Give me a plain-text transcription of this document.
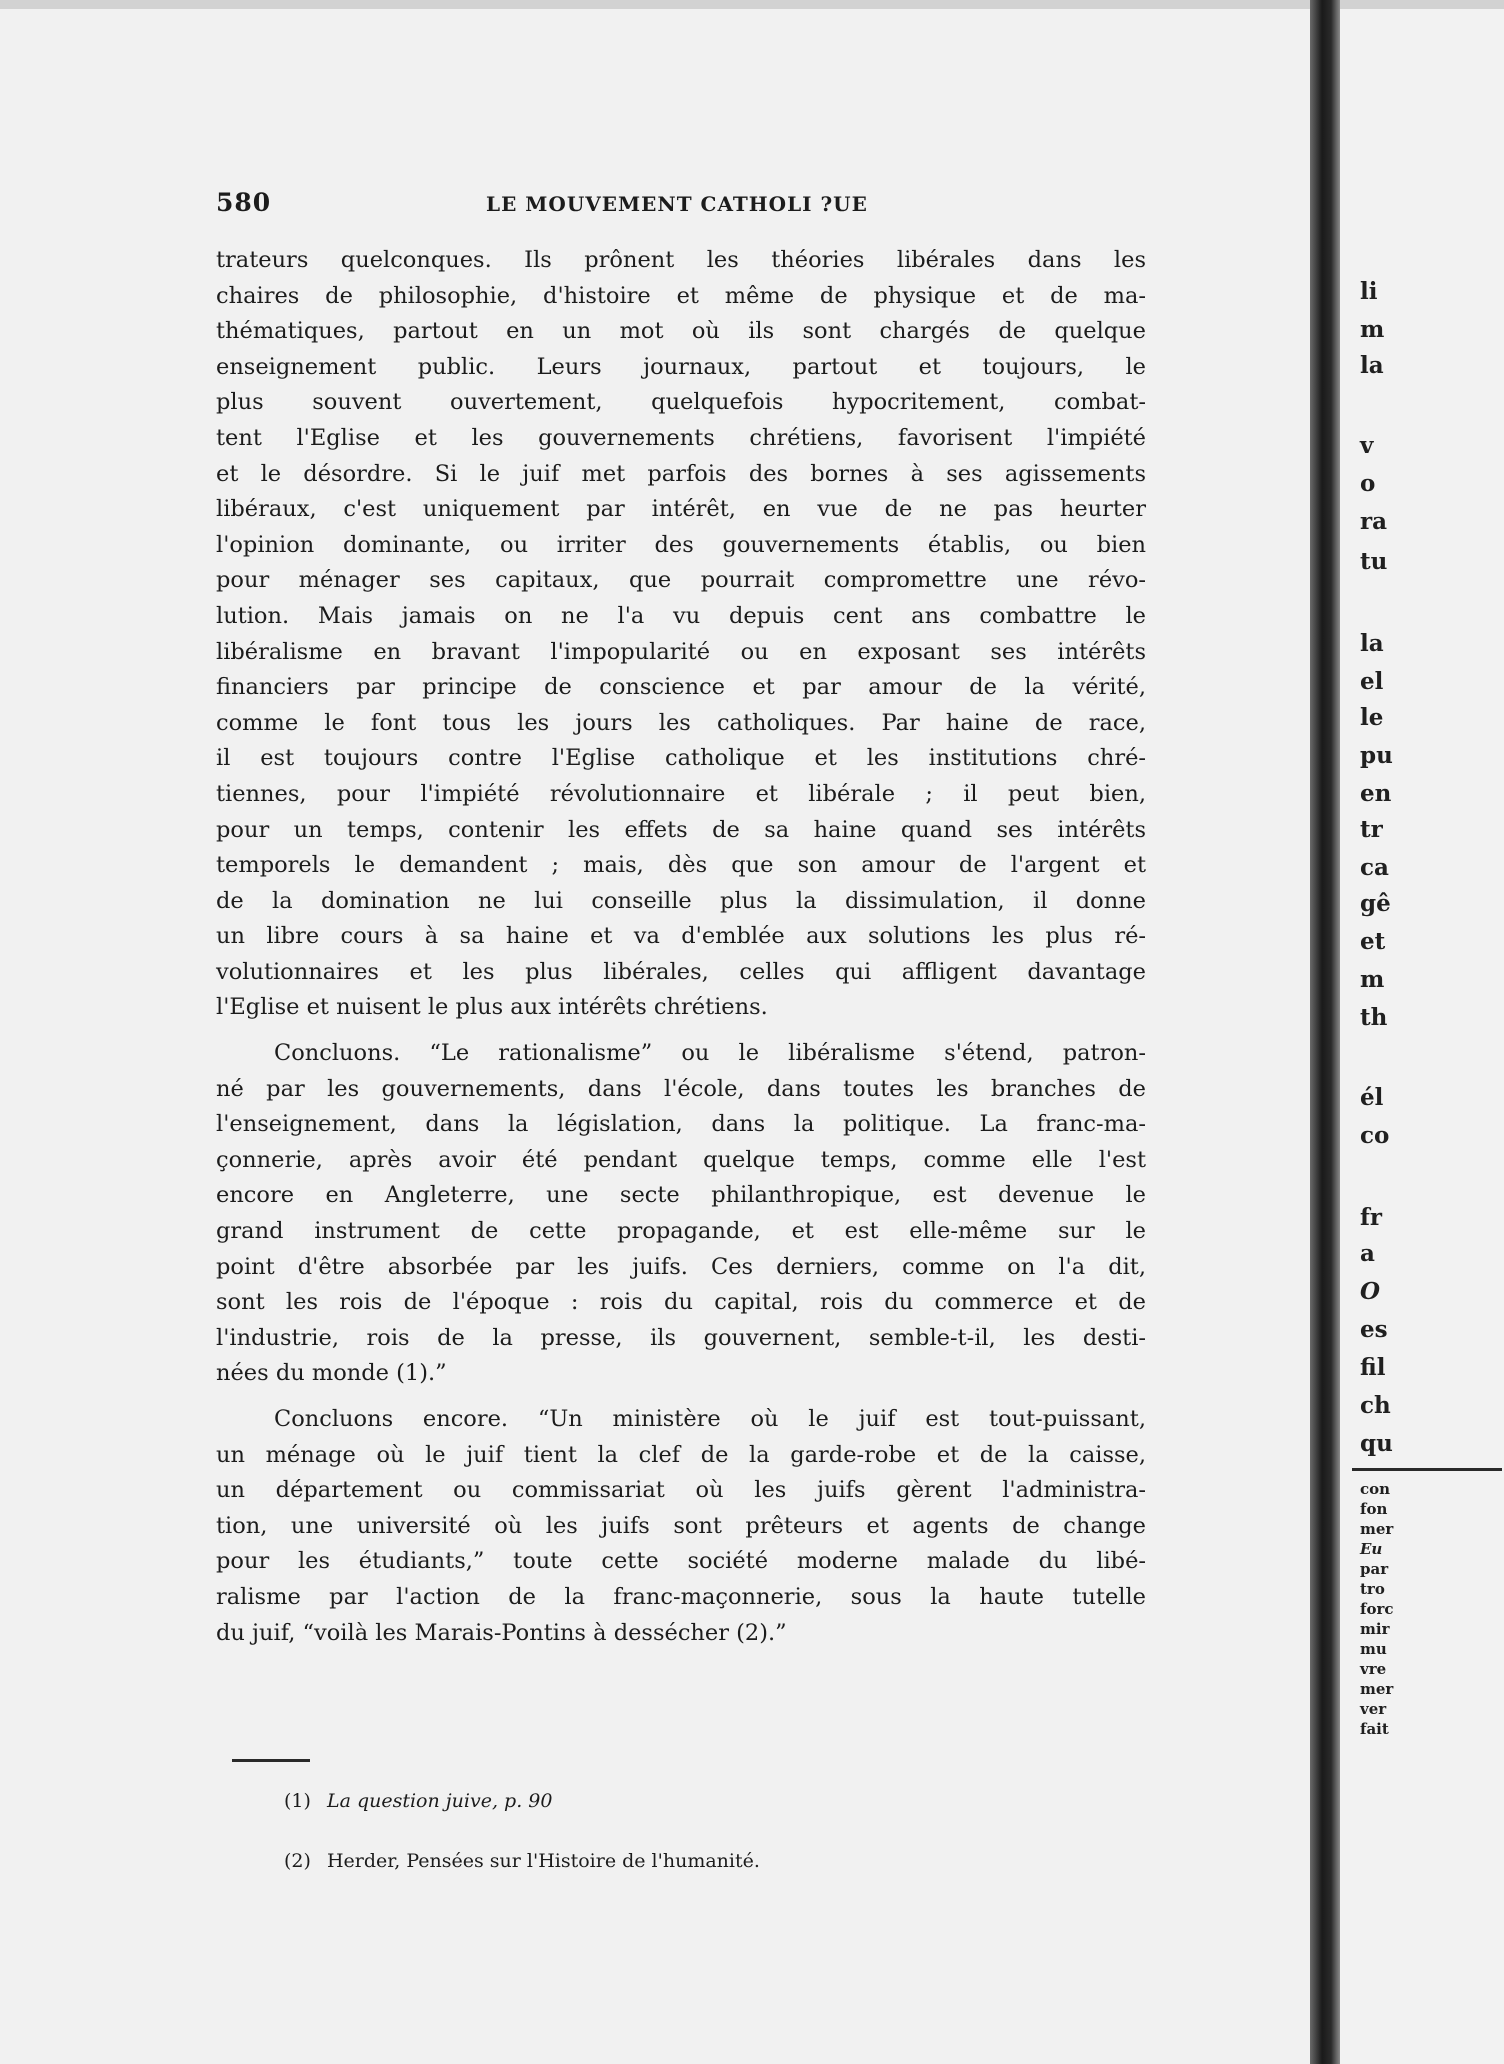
li
m
la
v
o
ra
tu
la
el
le
pu
en
tr
ca
gê
et
m
th
él
co
fr
a
O
es
fil
ch
qu
con
fon
mer
Eu
par
tro
forc
mir
mu
vre
mer
ver
fait
580	LE MOUVEMENT CATHOLI ?UE
trateurs quelconques. Ils prônent les théories libérales dans les
chaires de philosophie, d'histoire et même de physique et de ma-
thématiques, partout en un mot où ils sont chargés de quelque
enseignement public. Leurs journaux, partout et toujours, le
plus souvent ouvertement, quelquefois hypocritement, combat-
tent l'Eglise et les gouvernements chrétiens, favorisent l'impiété
et le désordre. Si le juif met parfois des bornes à ses agissements
libéraux, c'est uniquement par intérêt, en vue de ne pas heurter
l'opinion dominante, ou irriter des gouvernements établis, ou bien
pour ménager ses capitaux, que pourrait compromettre une révo-
lution. Mais jamais on ne l'a vu depuis cent ans combattre le
libéralisme en bravant l'impopularité ou en exposant ses intérêts
financiers par principe de conscience et par amour de la vérité,
comme le font tous les jours les catholiques. Par haine de race,
il est toujours contre l'Eglise catholique et les institutions chré-
tiennes, pour l'impiété révolutionnaire et libérale ; il peut bien,
pour un temps, contenir les effets de sa haine quand ses intérêts
temporels le demandent ; mais, dès que son amour de l'argent et
de la domination ne lui conseille plus la dissimulation, il donne
un libre cours à sa haine et va d'emblée aux solutions les plus ré-
volutionnaires et les plus libérales, celles qui affligent davantage
l'Eglise et nuisent le plus aux intérêts chrétiens.
Concluons. “Le rationalisme” ou le libéralisme s'étend, patron-
né par les gouvernements, dans l'école, dans toutes les branches de
l'enseignement, dans la législation, dans la politique. La franc-ma-
çonnerie, après avoir été pendant quelque temps, comme elle l'est
encore en Angleterre, une secte philanthropique, est devenue le
grand instrument de cette propagande, et est elle-même sur le
point d'être absorbée par les juifs. Ces derniers, comme on l'a dit,
sont les rois de l'époque : rois du capital, rois du commerce et de
l'industrie, rois de la presse, ils gouvernent, semble-t-il, les desti-
nées du monde (1).”
Concluons encore. “Un ministère où le juif est tout-puissant,
un ménage où le juif tient la clef de la garde-robe et de la caisse,
un département ou commissariat où les juifs gèrent l'administra-
tion, une université où les juifs sont prêteurs et agents de change
pour les étudiants,” toute cette société moderne malade du libé-
ralisme par l'action de la franc-maçonnerie, sous la haute tutelle
du juif, “voilà les Marais-Pontins à dessécher (2).”
(1) La question juive, p. 90
(2) Herder, Pensées sur l'Histoire de l'humanité.
